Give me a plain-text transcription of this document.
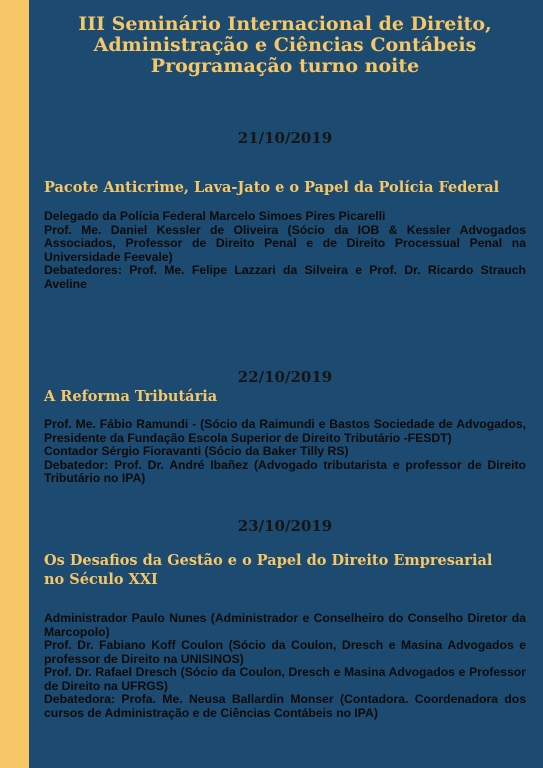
III Seminário Internacional de Direito,
Administração e Ciências Contábeis
Programação turno noite
21/10/2019
Pacote Anticrime, Lava-Jato e o Papel da Polícia Federal
Delegado da Polícia Federal Marcelo Simoes Pires Picarelli
Prof. Me. Daniel Kessler de Oliveira (Sócio da IOB & Kessler Advogados Associados, Professor de Direito Penal e de Direito Processual Penal na Universidade Feevale)
Debatedores: Prof. Me. Felipe Lazzari da Silveira e Prof. Dr. Ricardo Strauch Aveline
22/10/2019
A Reforma Tributária
Prof. Me. Fábio Ramundi - (Sócio da Raimundi e Bastos Sociedade de Advogados, Presidente da Fundação Escola Superior de Direito Tributário -FESDT)
Contador Sérgio Fioravanti (Sócio da Baker Tilly RS)
Debatedor: Prof. Dr. André Ibañez (Advogado tributarista e professor de Direito Tributário no IPA)
23/10/2019
Os Desafios da Gestão e o Papel do Direito Empresarial
no Século XXI
Administrador Paulo Nunes (Administrador e Conselheiro do Conselho Diretor da Marcopolo)
Prof. Dr. Fabiano Koff Coulon (Sócio da Coulon, Dresch e Masina Advogados e professor de Direito na UNISINOS)
Prof. Dr. Rafael Dresch (Sócio da Coulon, Dresch e Masina Advogados e Professor de Direito na UFRGS)
Debatedora: Profa. Me. Neusa Ballardin Monser (Contadora. Coordenadora dos cursos de Administração e de Ciências Contábeis no IPA)
